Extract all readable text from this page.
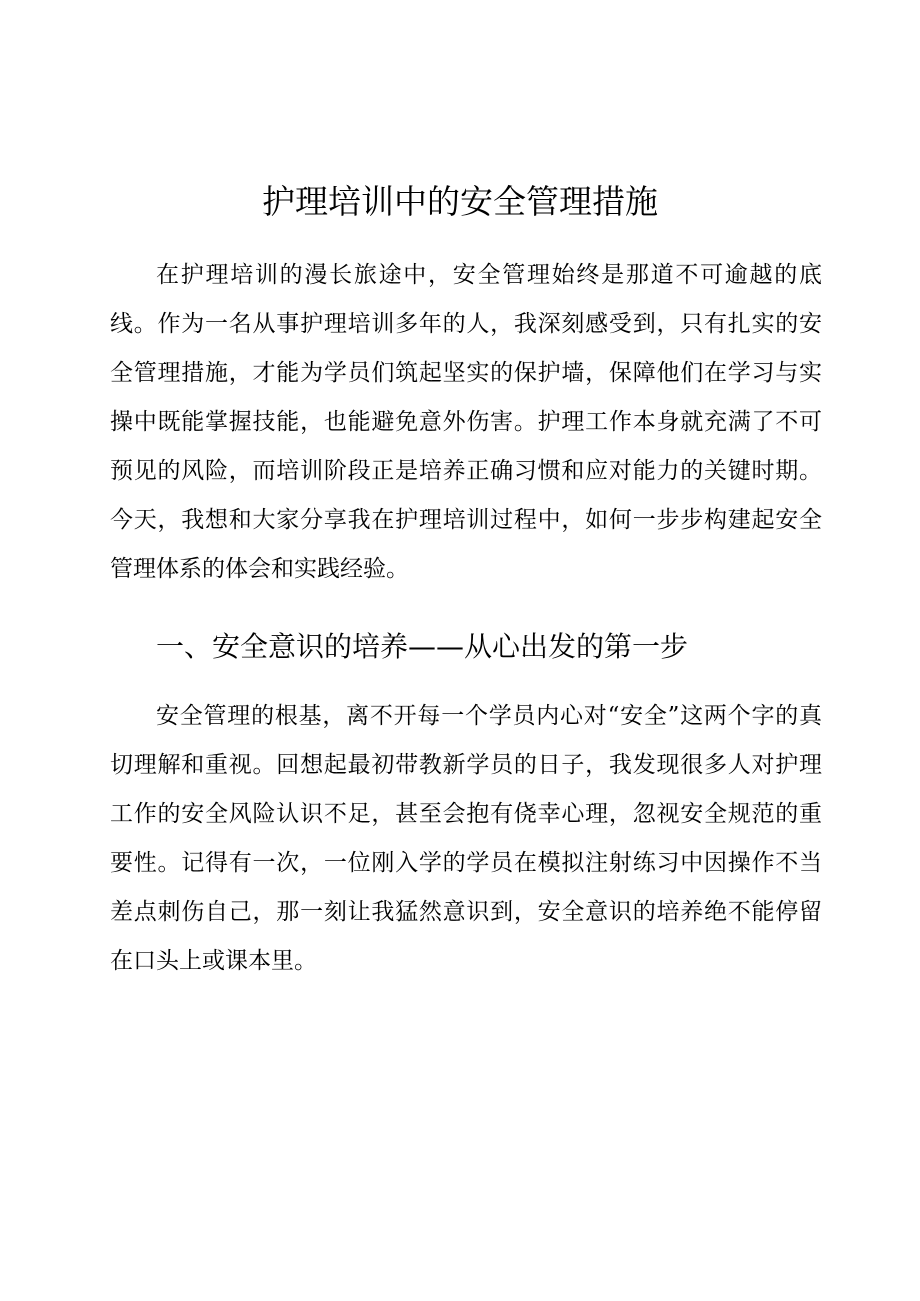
护理培训中的安全管理措施

在护理培训的漫长旅途中，安全管理始终是那道不可逾越的底线。作为一名从事护理培训多年的人，我深刻感受到，只有扎实的安全管理措施，才能为学员们筑起坚实的保护墙，保障他们在学习与实操中既能掌握技能，也能避免意外伤害。护理工作本身就充满了不可预见的风险，而培训阶段正是培养正确习惯和应对能力的关键时期。今天，我想和大家分享我在护理培训过程中，如何一步步构建起安全管理体系的体会和实践经验。

一、安全意识的培养——从心出发的第一步

安全管理的根基，离不开每一个学员内心对“安全”这两个字的真切理解和重视。回想起最初带教新学员的日子，我发现很多人对护理工作的安全风险认识不足，甚至会抱有侥幸心理，忽视安全规范的重要性。记得有一次，一位刚入学的学员在模拟注射练习中因操作不当差点刺伤自己，那一刻让我猛然意识到，安全意识的培养绝不能停留在口头上或课本里。
